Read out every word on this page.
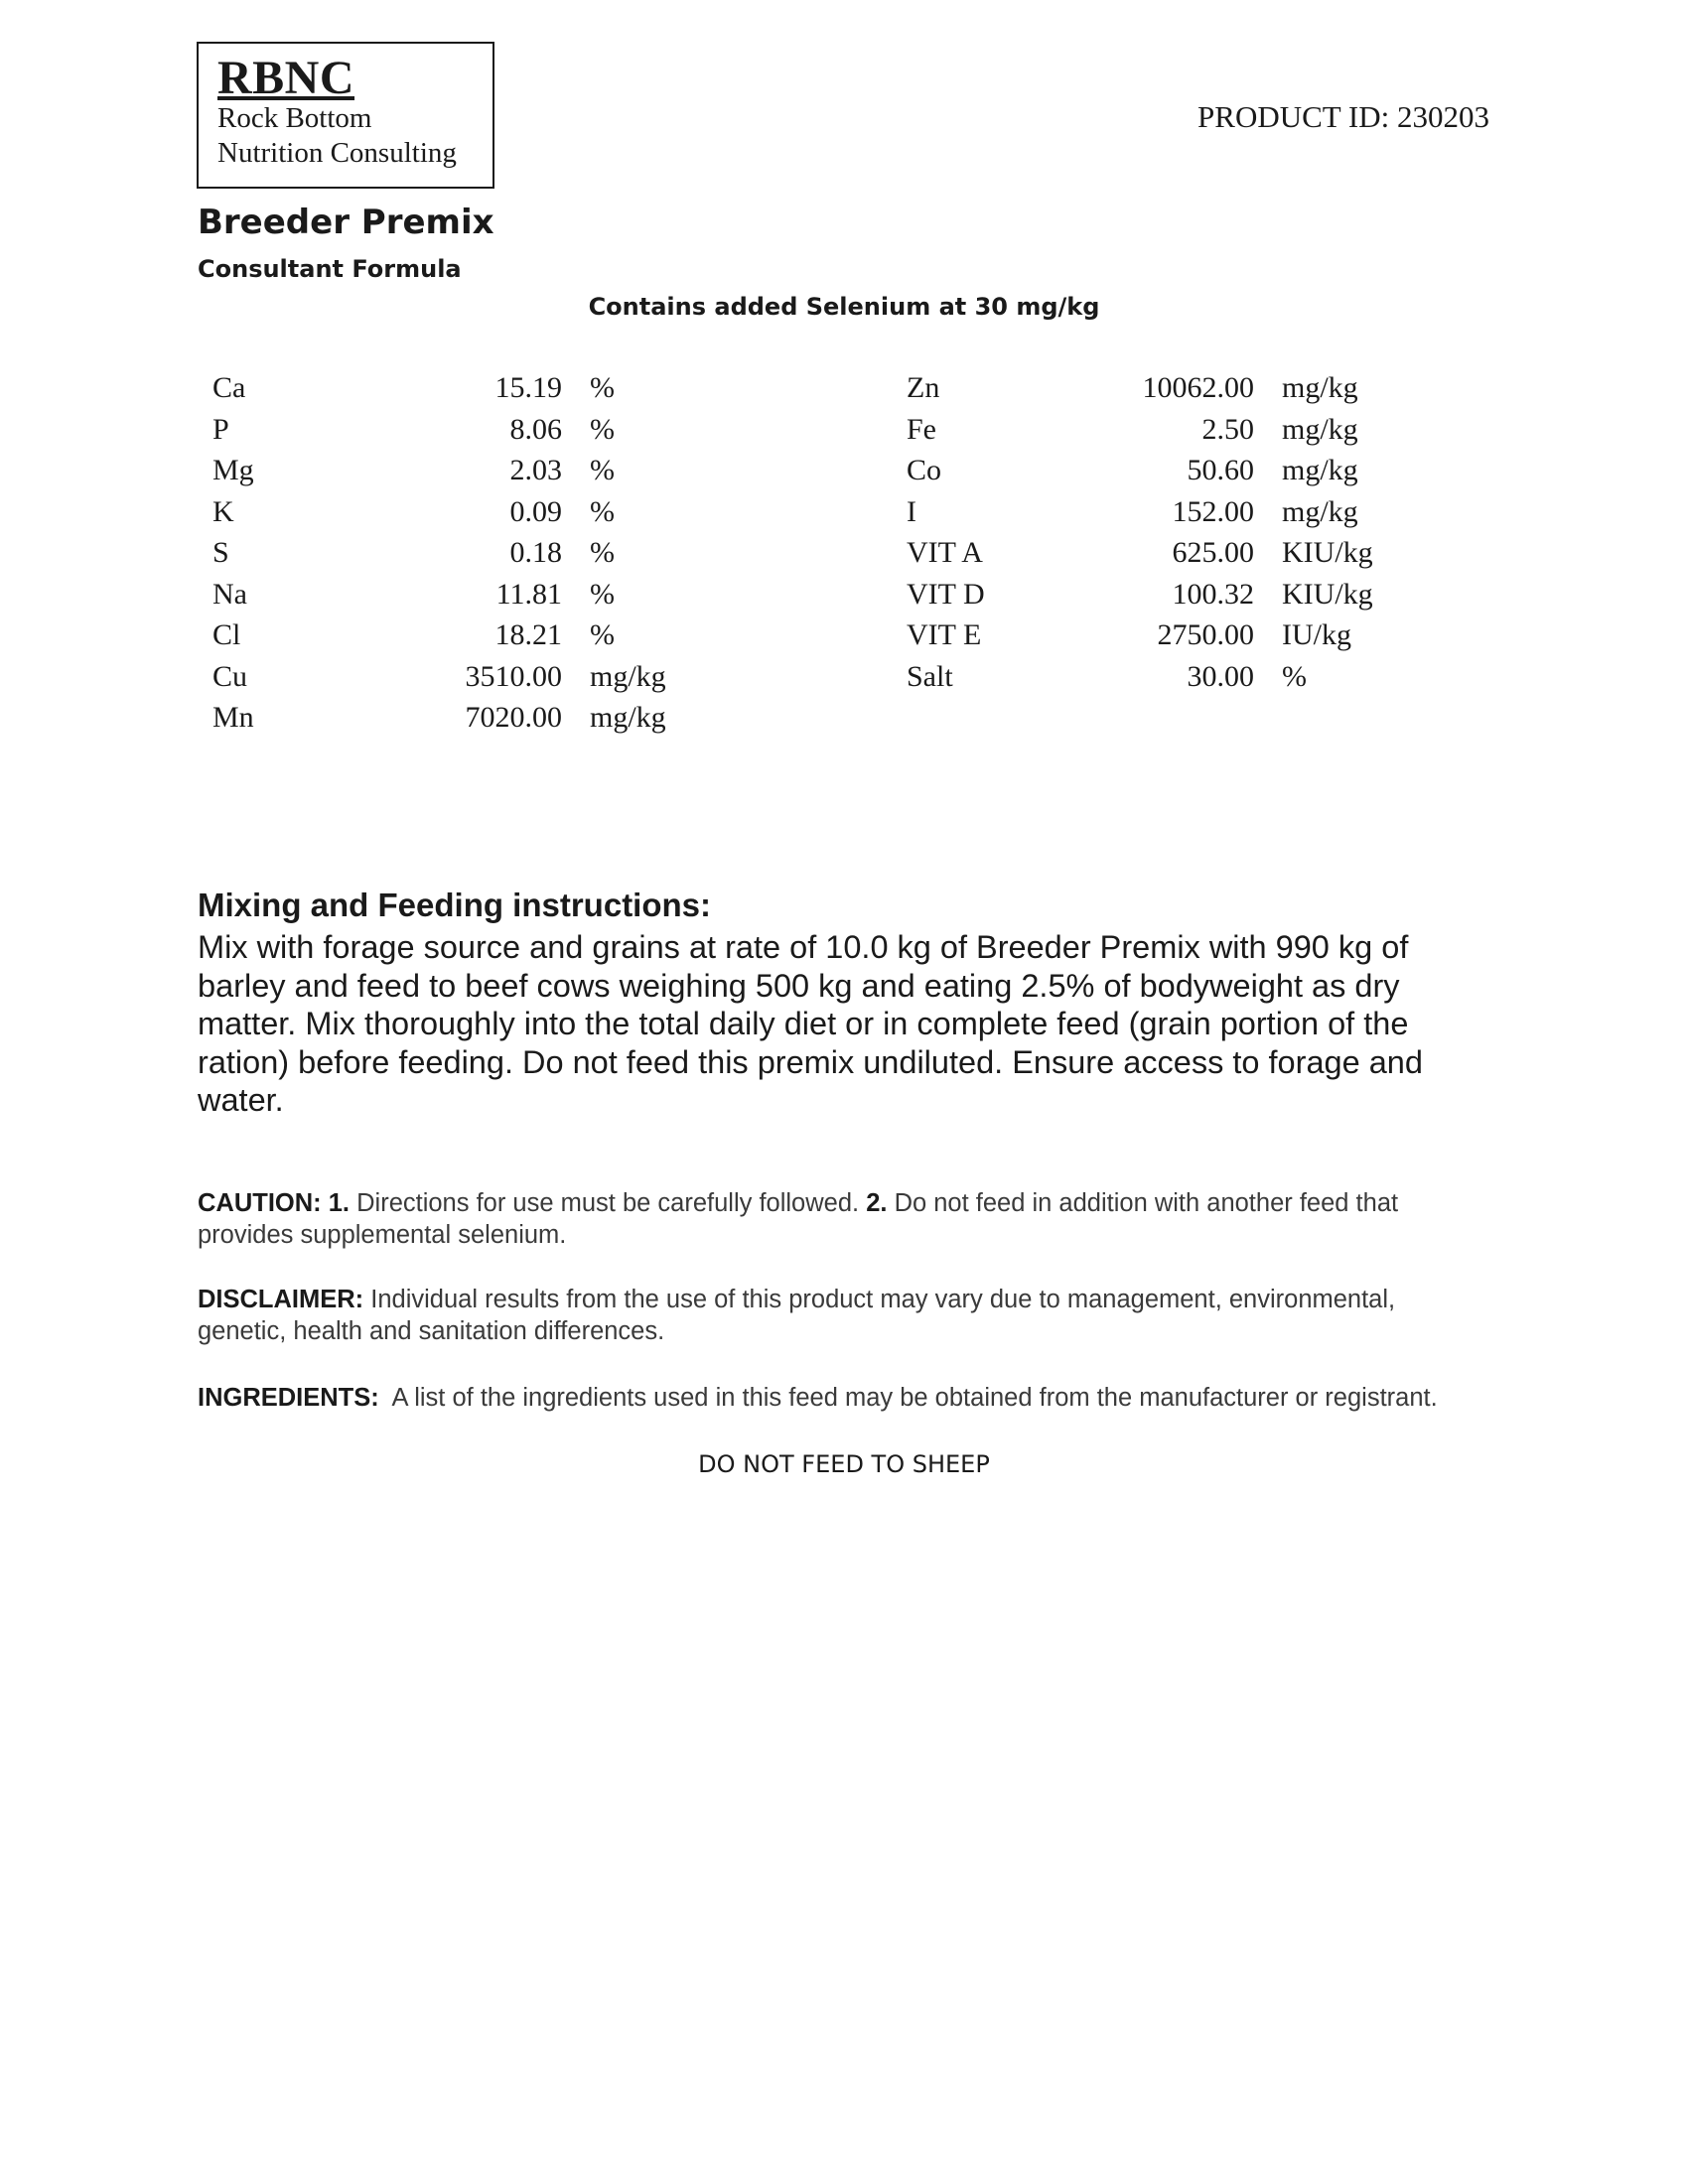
RBNC
Rock Bottom
Nutrition Consulting
PRODUCT ID: 230203
Breeder Premix
Consultant Formula
Contains added Selenium at 30 mg/kg
Ca	15.19 %
P	8.06 %
Mg	2.03 %
K	0.09 %
S	0.18 %
Na	11.81 %
Cl	18.21 %
Cu	3510.00 mg/kg
Mn	7020.00 mg/kg
Zn	10062.00 mg/kg
Fe	2.50 mg/kg
Co	50.60 mg/kg
I	152.00 mg/kg
VIT A	625.00 KIU/kg
VIT D	100.32 KIU/kg
VIT E	2750.00 IU/kg
Salt	30.00 %
Mixing and Feeding instructions:
Mix with forage source and grains at rate of 10.0 kg of Breeder Premix with 990 kg of barley and feed to beef cows weighing 500 kg and eating 2.5% of bodyweight as dry matter. Mix thoroughly into the total daily diet or in complete feed (grain portion of the ration) before feeding. Do not feed this premix undiluted. Ensure access to forage and water.
CAUTION: 1. Directions for use must be carefully followed. 2. Do not feed in addition with another feed that provides supplemental selenium.
DISCLAIMER: Individual results from the use of this product may vary due to management, environmental, genetic, health and sanitation differences.
INGREDIENTS: A list of the ingredients used in this feed may be obtained from the manufacturer or registrant.
DO NOT FEED TO SHEEP
